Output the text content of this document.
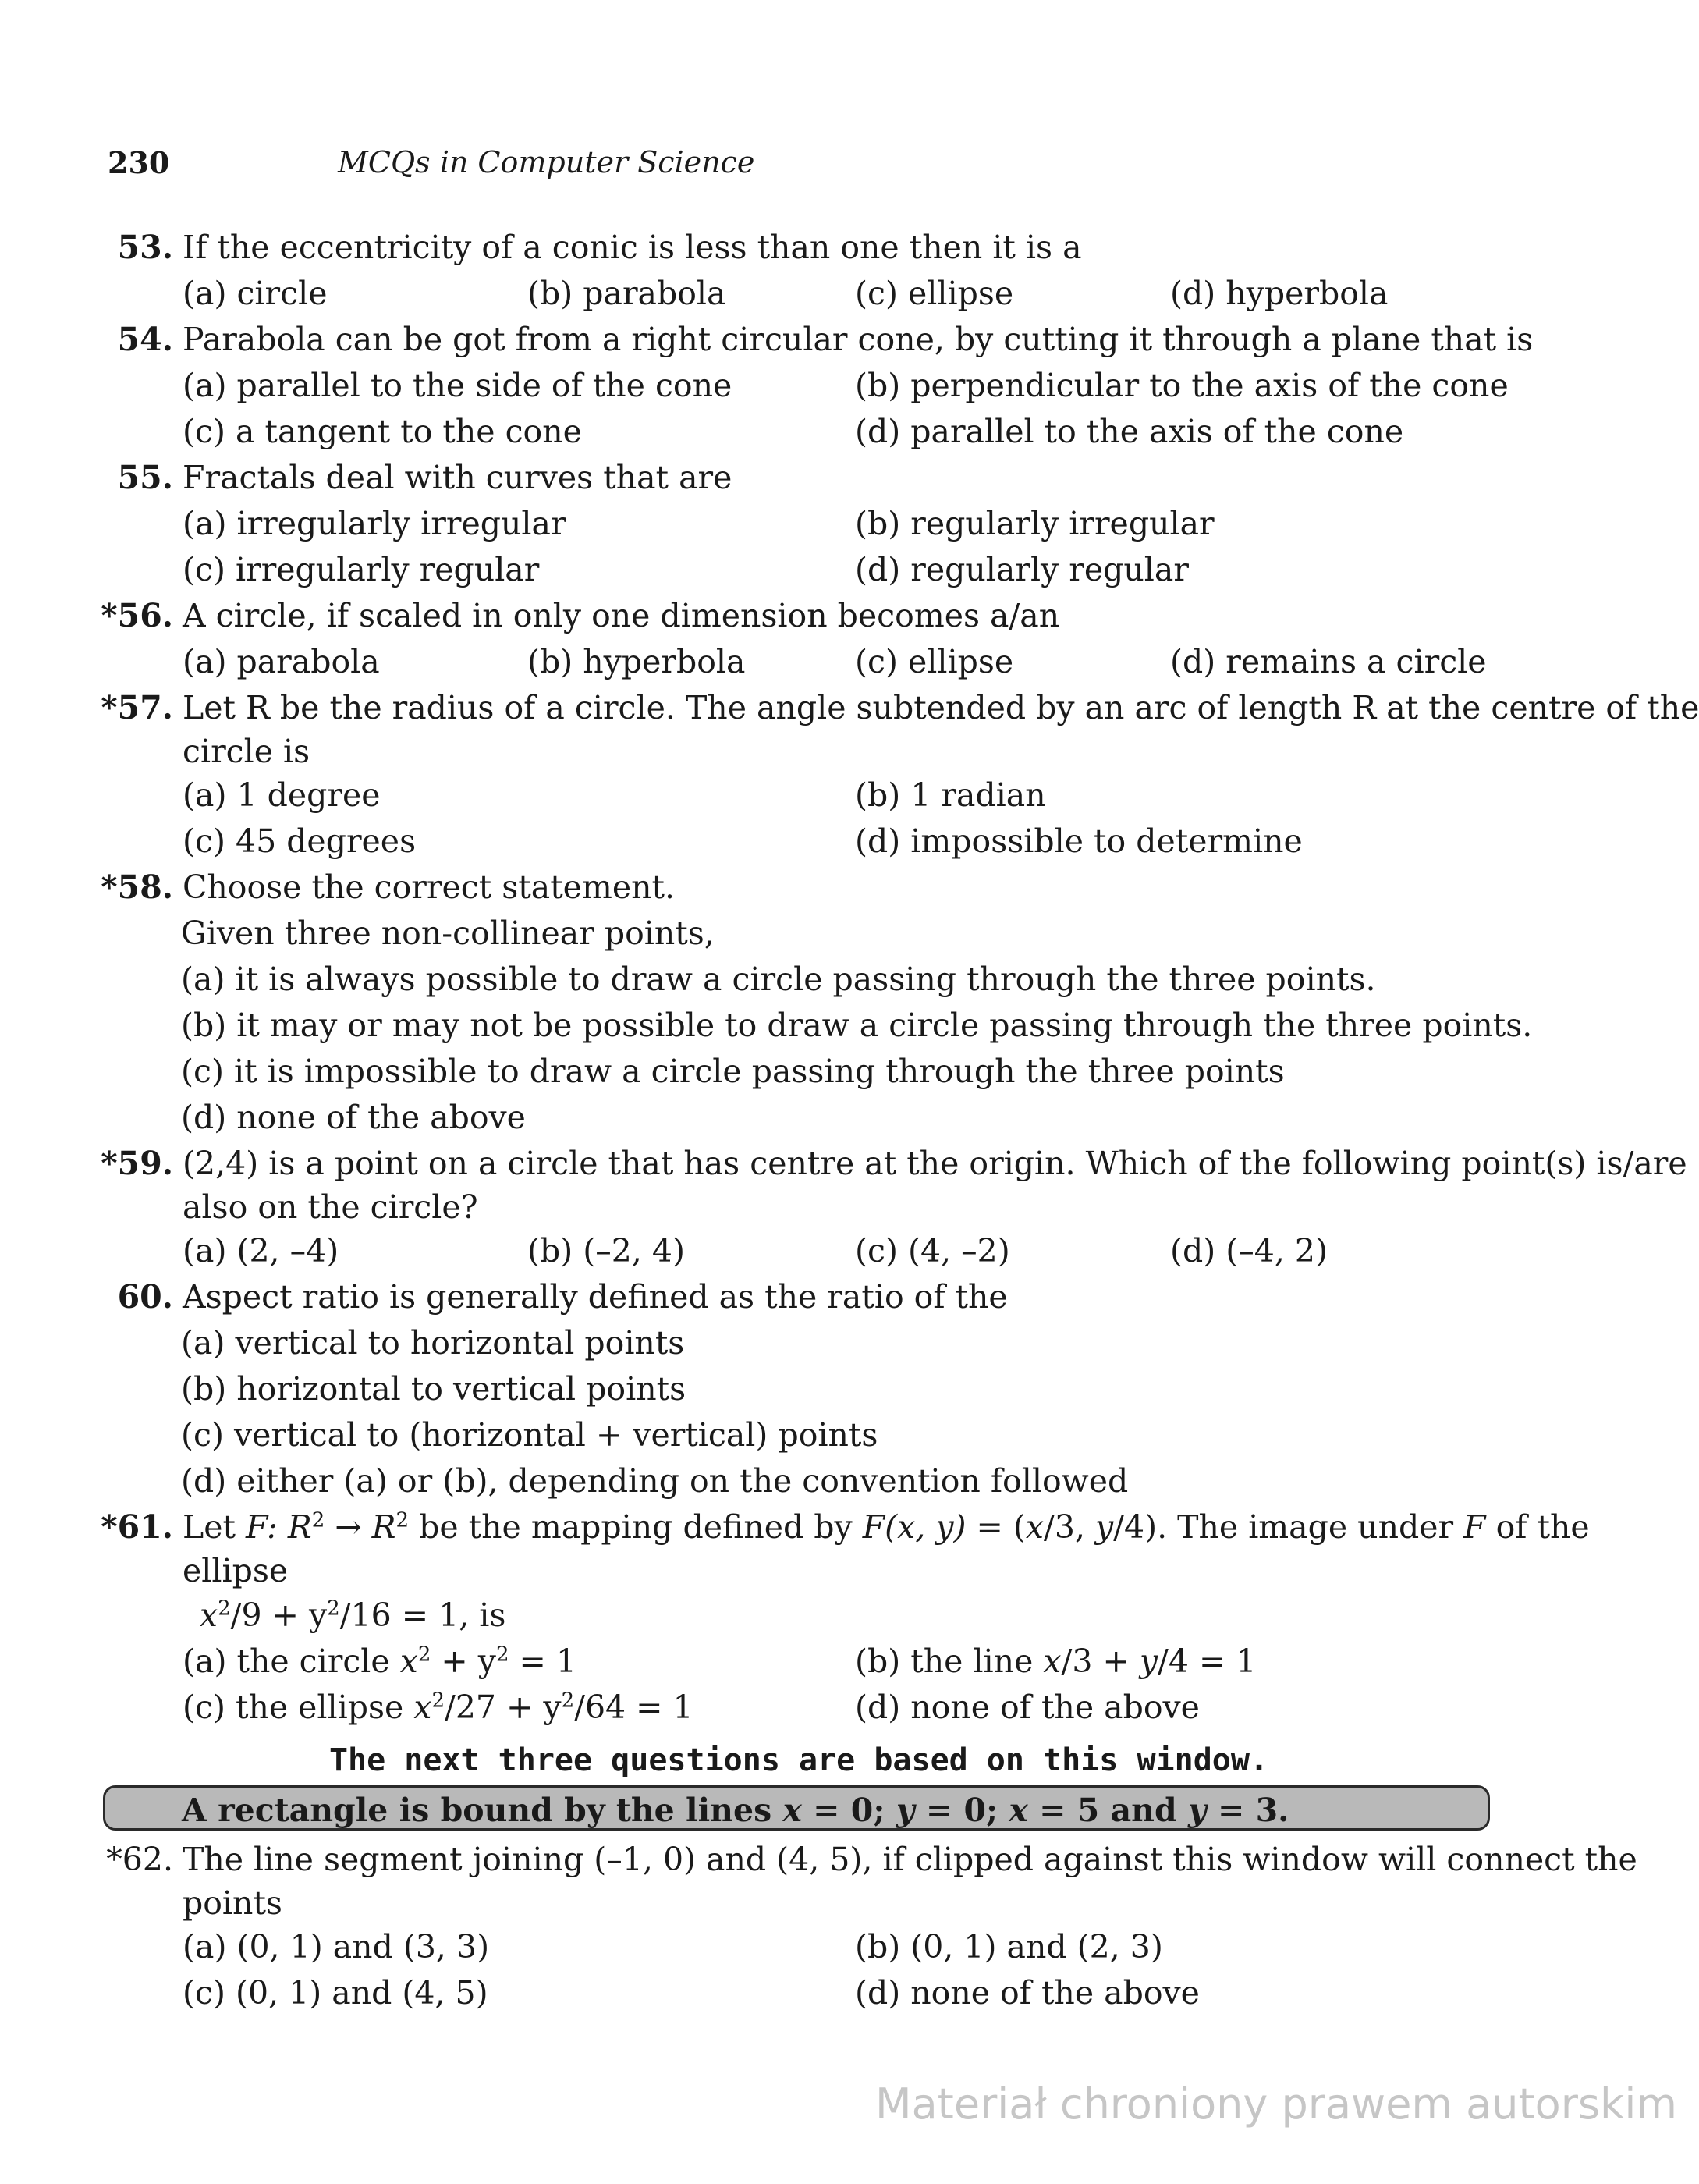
230	MCQs in Computer Science
53. If the eccentricity of a conic is less than one then it is a
(a) circle	(b) parabola	(c) ellipse	(d) hyperbola
54. Parabola can be got from a right circular cone, by cutting it through a plane that is
(a) parallel to the side of the cone	(b) perpendicular to the axis of the cone
(c) a tangent to the cone	(d) parallel to the axis of the cone
55. Fractals deal with curves that are
(a) irregularly irregular	(b) regularly irregular
(c) irregularly regular	(d) regularly regular
*56. A circle, if scaled in only one dimension becomes a/an
(a) parabola	(b) hyperbola	(c) ellipse	(d) remains a circle
*57. Let R be the radius of a circle. The angle subtended by an arc of length R at the centre of the
circle is
(a) 1 degree	(b) 1 radian
(c) 45 degrees	(d) impossible to determine
*58. Choose the correct statement.
Given three non-collinear points,
(a) it is always possible to draw a circle passing through the three points.
(b) it may or may not be possible to draw a circle passing through the three points.
(c) it is impossible to draw a circle passing through the three points
(d) none of the above
*59. (2,4) is a point on a circle that has centre at the origin. Which of the following point(s) is/are
also on the circle?
(a) (2, –4)	(b) (–2, 4)	(c) (4, –2)	(d) (–4, 2)
60. Aspect ratio is generally defined as the ratio of the
(a) vertical to horizontal points
(b) horizontal to vertical points
(c) vertical to (horizontal + vertical) points
(d) either (a) or (b), depending on the convention followed
*61. Let F: $R^2 \to R^2$ be the mapping defined by F(x, y) = (x/3, y/4). The image under F of the
ellipse
$x^2/9 + y^2/16 = 1$, is
(a) the circle $x^2 + y^2 = 1$	(b) the line x/3 + y/4 = 1
(c) the ellipse $x^2/27 + y^2/64 = 1$	(d) none of the above
The next three questions are based on this window.
A rectangle is bound by the lines x = 0; y = 0; x = 5 and y = 3.
*62. The line segment joining (–1, 0) and (4, 5), if clipped against this window will connect the
points
(a) (0, 1) and (3, 3)	(b) (0, 1) and (2, 3)
(c) (0, 1) and (4, 5)	(d) none of the above
Materiał chroniony prawem autorskim
